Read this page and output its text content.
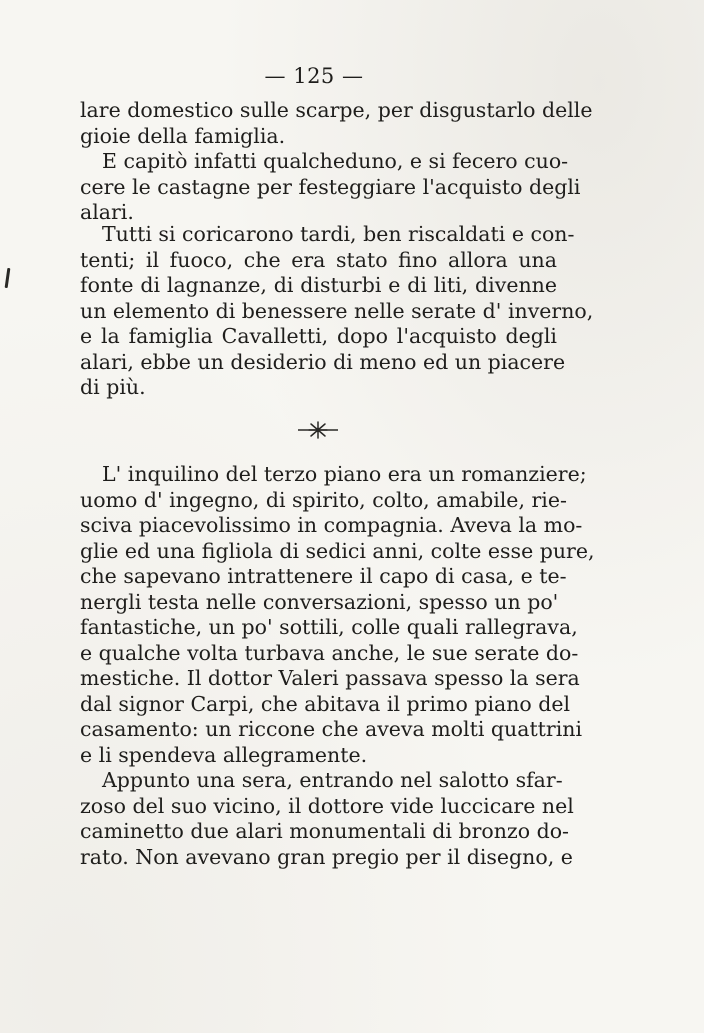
— 125 —
lare domestico sulle scarpe, per disgustarlo delle
gioie della famiglia.
E capitò infatti qualcheduno, e si fecero cuo-
cere le castagne per festeggiare l'acquisto degli
alari.
Tutti si coricarono tardi, ben riscaldati e con-
tenti; il fuoco, che era stato fino allora una
fonte di lagnanze, di disturbi e di liti, divenne
un elemento di benessere nelle serate d' inverno,
e la famiglia Cavalletti, dopo l'acquisto degli
alari, ebbe un desiderio di meno ed un piacere
di più.
L' inquilino del terzo piano era un romanziere;
uomo d' ingegno, di spirito, colto, amabile, rie-
sciva piacevolissimo in compagnia. Aveva la mo-
glie ed una figliola di sedici anni, colte esse pure,
che sapevano intrattenere il capo di casa, e te-
nergli testa nelle conversazioni, spesso un po'
fantastiche, un po' sottili, colle quali rallegrava,
e qualche volta turbava anche, le sue serate do-
mestiche. Il dottor Valeri passava spesso la sera
dal signor Carpi, che abitava il primo piano del
casamento: un riccone che aveva molti quattrini
e li spendeva allegramente.
Appunto una sera, entrando nel salotto sfar-
zoso del suo vicino, il dottore vide luccicare nel
caminetto due alari monumentali di bronzo do-
rato. Non avevano gran pregio per il disegno, e
